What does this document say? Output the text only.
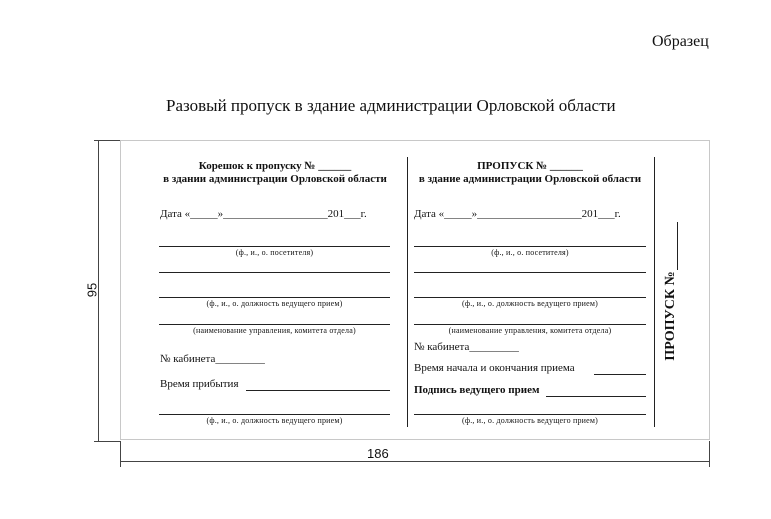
Образец
Разовый пропуск в здание администрации Орловской области
Корешок к пропуску № ______
в здании администрации Орловской области
Дата «_____»___________________201___г.
(ф., и., о. посетителя)
(ф., и., о. должность ведущего прием)
(наименование управления, комитета отдела)
№ кабинета_________
Время прибытия
(ф., и., о. должность ведущего прием)
ПРОПУСК № ______
в здание администрации Орловской области
Дата «_____»___________________201___г.
(ф., и., о. посетителя)
(ф., и., о. должность ведущего прием)
(наименование управления, комитета отдела)
№ кабинета_________
Время начала и окончания приема
Подпись ведущего прием
(ф., и., о. должность ведущего прием)
ПРОПУСК №
95
186
